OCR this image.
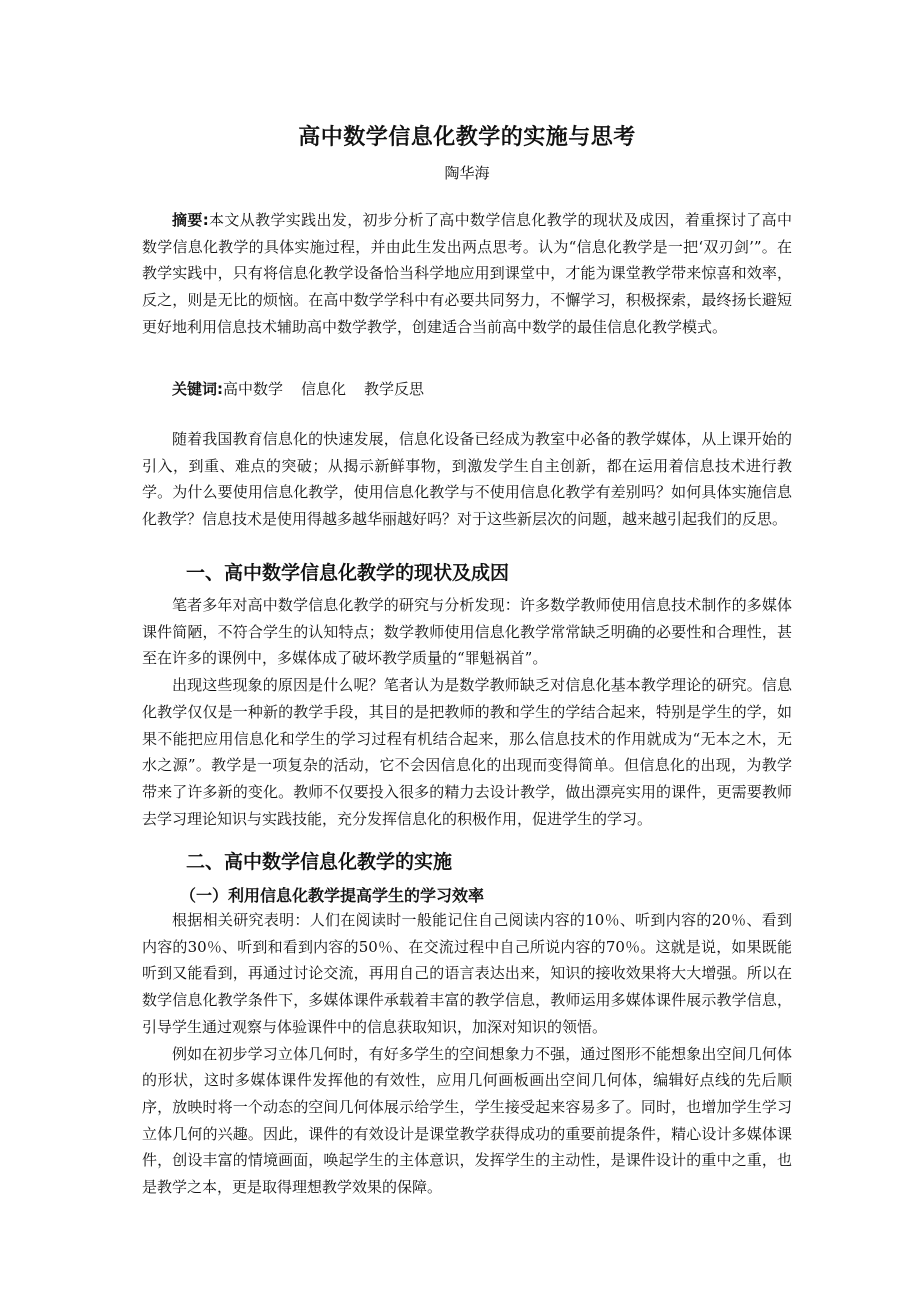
高中数学信息化教学的实施与思考
陶华海

摘要:本文从教学实践出发，初步分析了高中数学信息化教学的现状及成因，着重探讨了高中数学信息化教学的具体实施过程，并由此生发出两点思考。认为“信息化教学是一把‘双刃剑’”。在教学实践中，只有将信息化教学设备恰当科学地应用到课堂中，才能为课堂教学带来惊喜和效率，反之，则是无比的烦恼。在高中数学学科中有必要共同努力，不懈学习，积极探索，最终扬长避短更好地利用信息技术辅助高中数学教学，创建适合当前高中数学的最佳信息化教学模式。

关键词:高中数学 信息化 教学反思

随着我国教育信息化的快速发展，信息化设备已经成为教室中必备的教学媒体，从上课开始的引入，到重、难点的突破；从揭示新鲜事物，到激发学生自主创新，都在运用着信息技术进行教学。为什么要使用信息化教学，使用信息化教学与不使用信息化教学有差别吗？如何具体实施信息化教学？信息技术是使用得越多越华丽越好吗？对于这些新层次的问题，越来越引起我们的反思。

一、高中数学信息化教学的现状及成因

笔者多年对高中数学信息化教学的研究与分析发现：许多数学教师使用信息技术制作的多媒体课件简陋，不符合学生的认知特点；数学教师使用信息化教学常常缺乏明确的必要性和合理性，甚至在许多的课例中，多媒体成了破坏教学质量的“罪魁祸首”。

出现这些现象的原因是什么呢？笔者认为是数学教师缺乏对信息化基本教学理论的研究。信息化教学仅仅是一种新的教学手段，其目的是把教师的教和学生的学结合起来，特别是学生的学，如果不能把应用信息化和学生的学习过程有机结合起来，那么信息技术的作用就成为“无本之木，无水之源”。教学是一项复杂的活动，它不会因信息化的出现而变得简单。但信息化的出现，为教学带来了许多新的变化。教师不仅要投入很多的精力去设计教学，做出漂亮实用的课件，更需要教师去学习理论知识与实践技能，充分发挥信息化的积极作用，促进学生的学习。

二、高中数学信息化教学的实施
（一）利用信息化教学提高学生的学习效率

根据相关研究表明：人们在阅读时一般能记住自己阅读内容的10％、听到内容的20％、看到内容的30％、听到和看到内容的50％、在交流过程中自己所说内容的70％。这就是说，如果既能听到又能看到，再通过讨论交流，再用自己的语言表达出来，知识的接收效果将大大增强。所以在数学信息化教学条件下，多媒体课件承载着丰富的教学信息，教师运用多媒体课件展示教学信息，引导学生通过观察与体验课件中的信息获取知识，加深对知识的领悟。

例如在初步学习立体几何时，有好多学生的空间想象力不强，通过图形不能想象出空间几何体的形状，这时多媒体课件发挥他的有效性，应用几何画板画出空间几何体，编辑好点线的先后顺序，放映时将一个动态的空间几何体展示给学生，学生接受起来容易多了。同时，也增加学生学习立体几何的兴趣。因此，课件的有效设计是课堂教学获得成功的重要前提条件，精心设计多媒体课件，创设丰富的情境画面，唤起学生的主体意识，发挥学生的主动性，是课件设计的重中之重，也是教学之本，更是取得理想教学效果的保障。
